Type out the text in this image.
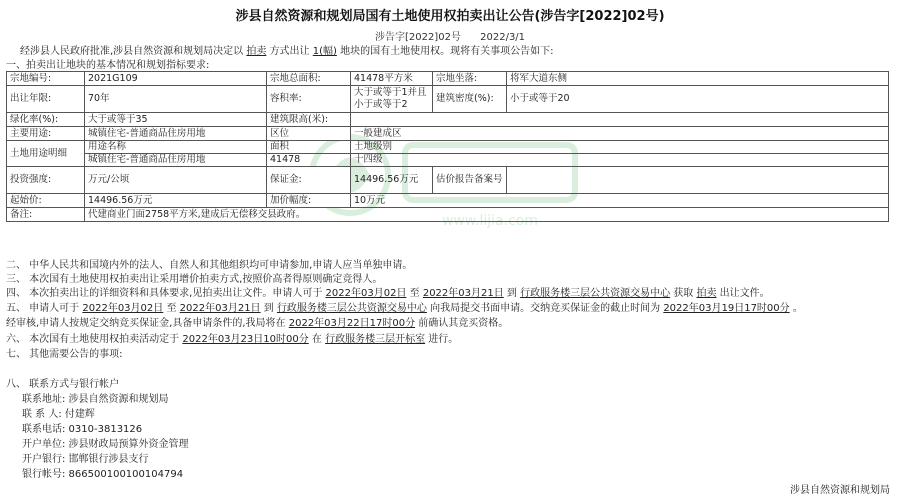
www.lijia.com
涉县自然资源和规划局国有土地使用权拍卖出让公告(涉告字[2022]02号)
涉告字[2022]02号 2022/3/1
经涉县人民政府批准,涉县自然资源和规划局决定以 拍卖 方式出让 1(幅) 地块的国有土地使用权。现将有关事项公告如下:
一、拍卖出让地块的基本情况和规划指标要求:
宗地编号:	2021G109	宗地总面积:	41478平方米	宗地坐落:	将军大道东侧
出让年限:	70年	容积率:	大于或等于1并且小于或等于2	建筑密度(%):	小于或等于20
绿化率(%):	大于或等于35	建筑限高(米):			
主要用途:	城镇住宅-普通商品住房用地	区位	一般建成区		
土地用途明细	用途名称	面积	土地级别		
	城镇住宅-普通商品住房用地	41478	十四级		
投资强度:	万元/公顷	保证金:	14496.56万元	估价报告备案号	
起始价:	14496.56万元	加价幅度:	10万元		
备注:	代建商业门面2758平方米,建成后无偿移交县政府。				
二、 中华人民共和国境内外的法人、自然人和其他组织均可申请参加,申请人应当单独申请。
三、 本次国有土地使用权拍卖出让采用增价拍卖方式,按照价高者得原则确定竞得人。
四、 本次拍卖出让的详细资料和具体要求,见拍卖出让文件。申请人可于 2022年03月02日 至 2022年03月21日 到 行政服务楼三层公共资源交易中心 获取 拍卖 出让文件。
五、 申请人可于 2022年03月02日 至 2022年03月21日 到 行政服务楼三层公共资源交易中心 向我局提交书面申请。交纳竞买保证金的截止时间为 2022年03月19日17时00分 。
经审核,申请人按规定交纳竞买保证金,具备申请条件的,我局将在 2022年03月22日17时00分 前确认其竞买资格。
六、 本次国有土地使用权拍卖活动定于 2022年03月23日10时00分 在 行政服务楼三层开标室 进行。
七、 其他需要公告的事项:
八、 联系方式与银行帐户
联系地址: 涉县自然资源和规划局
联 系 人: 付建辉
联系电话: 0310-3813126
开户单位: 涉县财政局预算外资金管理
开户银行: 邯郸银行涉县支行
银行帐号: 866500100100104794
涉县自然资源和规划局
